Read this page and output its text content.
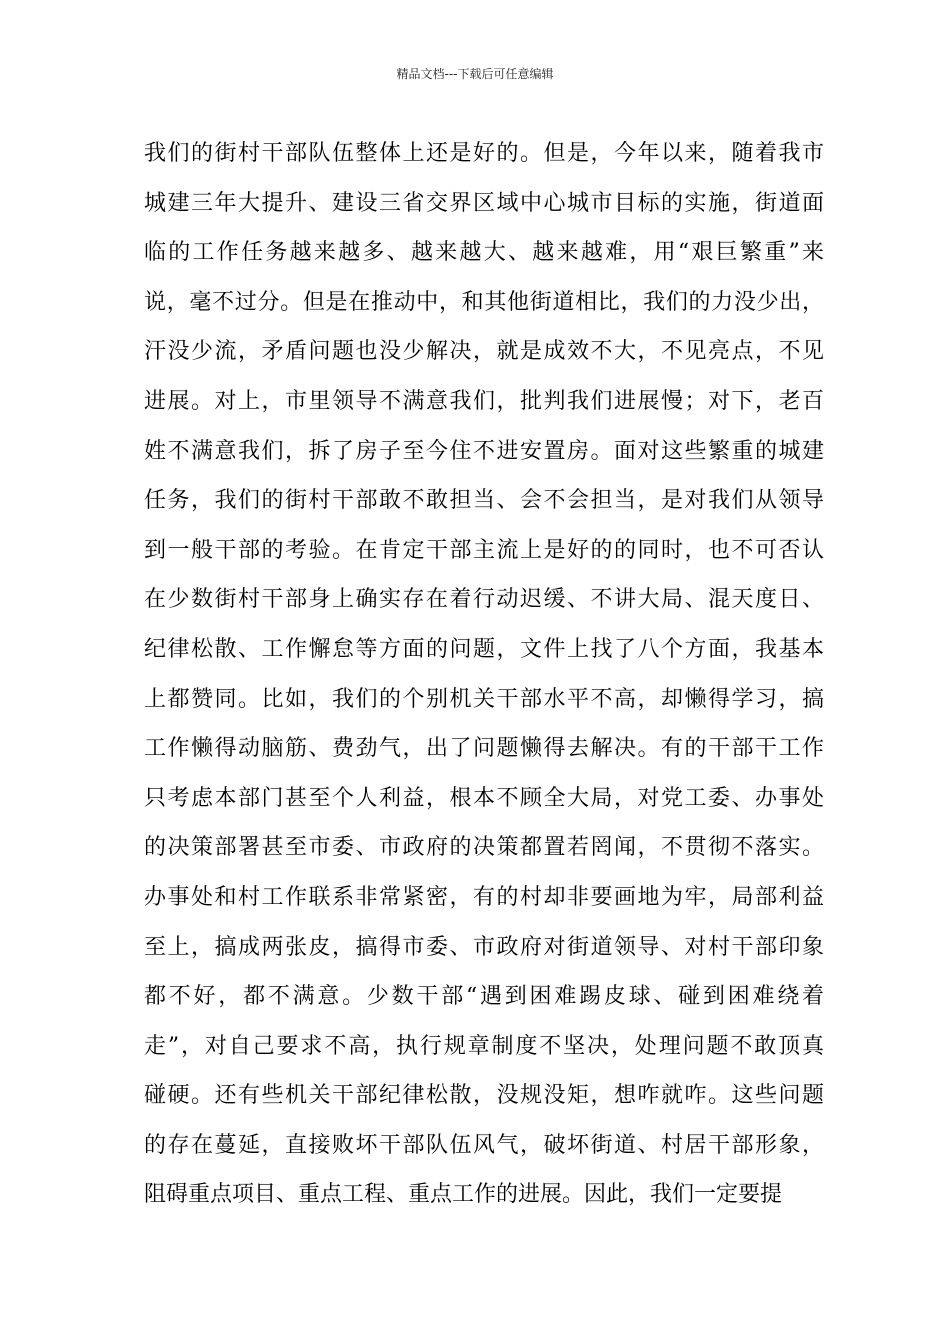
精品文档---下载后可任意编辑
我们的街村干部队伍整体上还是好的。但是，今年以来，随着我市
城建三年大提升、建设三省交界区域中心城市目标的实施，街道面
临的工作任务越来越多、越来越大、越来越难，用“艰巨繁重”来
说，毫不过分。但是在推动中，和其他街道相比，我们的力没少出，
汗没少流，矛盾问题也没少解决，就是成效不大，不见亮点，不见
进展。对上，市里领导不满意我们，批判我们进展慢；对下，老百
姓不满意我们，拆了房子至今住不进安置房。面对这些繁重的城建
任务，我们的街村干部敢不敢担当、会不会担当，是对我们从领导
到一般干部的考验。在肯定干部主流上是好的的同时，也不可否认
在少数街村干部身上确实存在着行动迟缓、不讲大局、混天度日、
纪律松散、工作懈怠等方面的问题，文件上找了八个方面，我基本
上都赞同。比如，我们的个别机关干部水平不高，却懒得学习，搞
工作懒得动脑筋、费劲气，出了问题懒得去解决。有的干部干工作
只考虑本部门甚至个人利益，根本不顾全大局，对党工委、办事处
的决策部署甚至市委、市政府的决策都置若罔闻，不贯彻不落实。
办事处和村工作联系非常紧密，有的村却非要画地为牢，局部利益
至上，搞成两张皮，搞得市委、市政府对街道领导、对村干部印象
都不好，都不满意。少数干部“遇到困难踢皮球、碰到困难绕着
走”，对自己要求不高，执行规章制度不坚决，处理问题不敢顶真
碰硬。还有些机关干部纪律松散，没规没矩，想咋就咋。这些问题
的存在蔓延，直接败坏干部队伍风气，破坏街道、村居干部形象，
阻碍重点项目、重点工程、重点工作的进展。因此，我们一定要提
